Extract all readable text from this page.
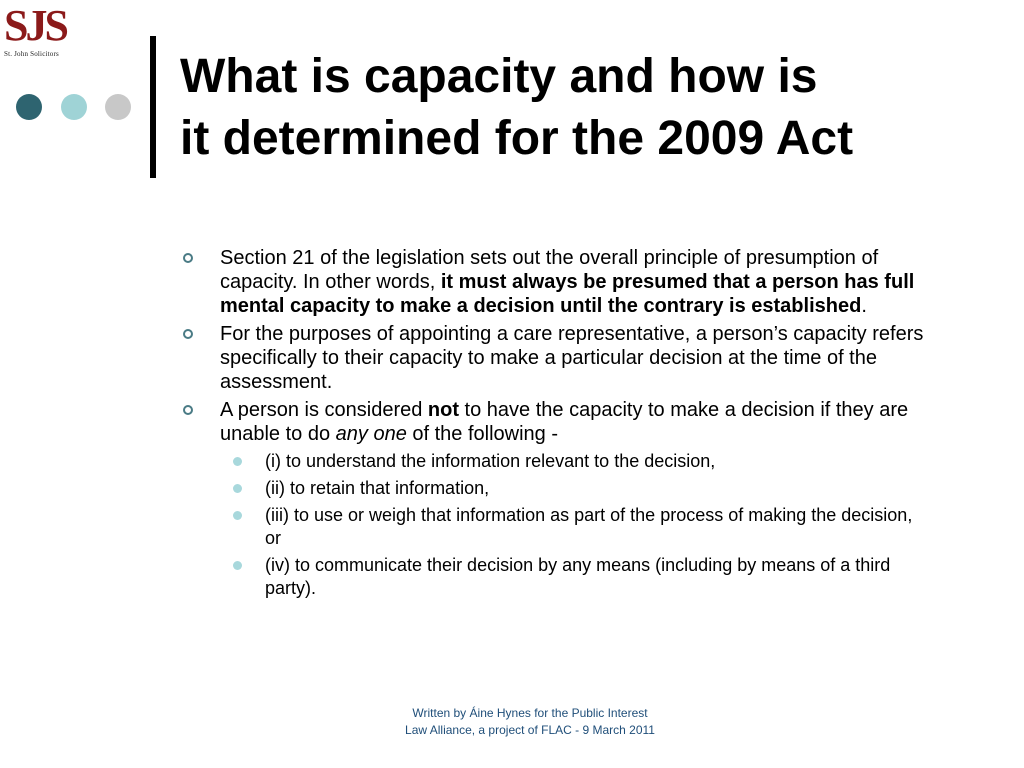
SJS
St. John Solicitors	What is capacity and how is
it determined for the 2009 Act
Section 21 of the legislation sets out the overall principle of presumption of capacity. In other words, it must always be presumed that a person has full mental capacity to make a decision until the contrary is established.
For the purposes of appointing a care representative, a person’s capacity refers specifically to their capacity to make a particular decision at the time of the assessment.
A person is considered not to have the capacity to make a decision if they are unable to do any one of the following -
(i) to understand the information relevant to the decision,
(ii) to retain that information,
(iii) to use or weigh that information as part of the process of making the decision, or
(iv) to communicate their decision by any means (including by means of a third party).
Written by Áine Hynes for the Public Interest
Law Alliance, a project of FLAC - 9 March 2011
